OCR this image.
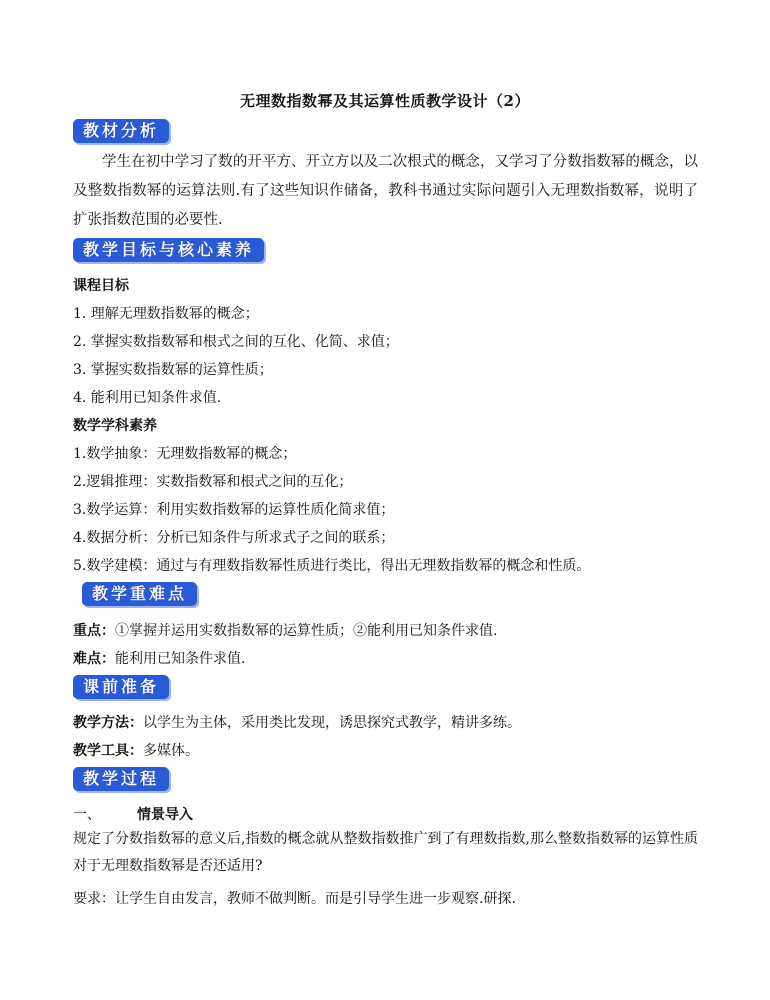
无理数指数幂及其运算性质教学设计（2）
教材分析
学生在初中学习了数的开平方、开立方以及二次根式的概念，又学习了分数指数幂的概念，以及整数指数幂的运算法则.有了这些知识作储备，教科书通过实际问题引入无理数指数幂，说明了扩张指数范围的必要性.
教学目标与核心素养
课程目标
1. 理解无理数指数幂的概念；
2. 掌握实数指数幂和根式之间的互化、化简、求值；
3. 掌握实数指数幂的运算性质；
4. 能利用已知条件求值.
数学学科素养
1.数学抽象：无理数指数幂的概念；
2.逻辑推理：实数指数幂和根式之间的互化；
3.数学运算：利用实数指数幂的运算性质化简求值；
4.数据分析：分析已知条件与所求式子之间的联系；
5.数学建模：通过与有理数指数幂性质进行类比，得出无理数指数幂的概念和性质。
教学重难点
重点：①掌握并运用实数指数幂的运算性质；②能利用已知条件求值.
难点：能利用已知条件求值.
课前准备
教学方法：以学生为主体，采用类比发现，诱思探究式教学，精讲多练。
教学工具：多媒体。
教学过程
一、	情景导入
规定了分数指数幂的意义后,指数的概念就从整数指数推广到了有理数指数,那么整数指数幂的运算性质对于无理数指数幂是否还适用?
要求：让学生自由发言，教师不做判断。而是引导学生进一步观察.研探.
